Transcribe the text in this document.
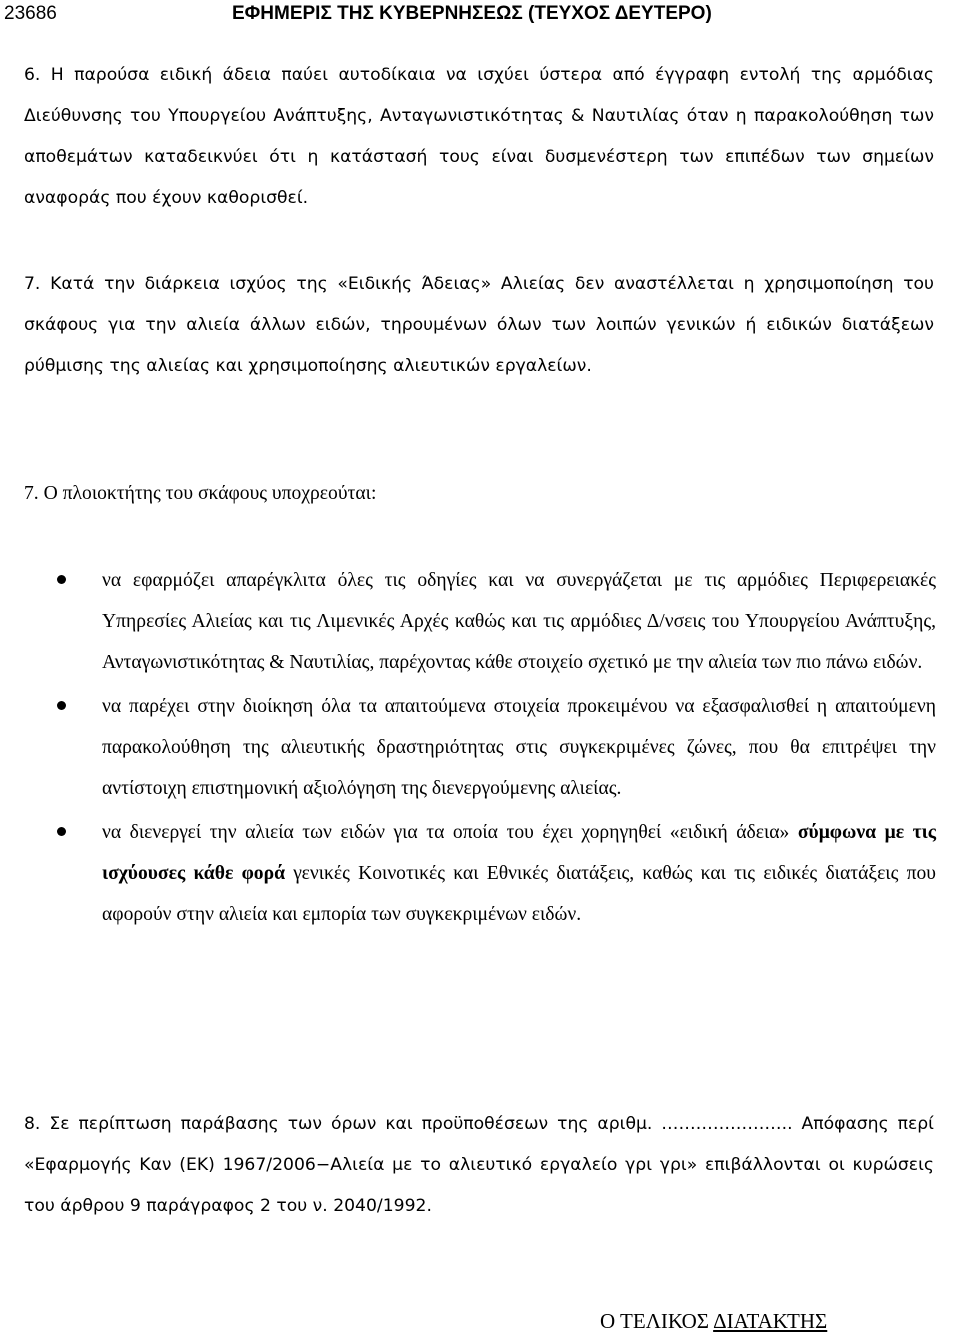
23686	ΕΦΗΜΕΡΙΣ ΤΗΣ ΚΥΒΕΡΝΗΣΕΩΣ (ΤΕΥΧΟΣ ΔΕΥΤΕΡΟ)

6. Η παρούσα ειδική άδεια παύει αυτοδίκαια να ισχύει ύστερα από έγγραφη εντολή της αρμόδιας Διεύθυνσης του Υπουργείου Ανάπτυξης, Ανταγωνιστικότητας & Ναυτιλίας όταν η παρακολούθηση των αποθεμάτων καταδεικνύει ότι η κατάστασή τους είναι δυσμενέστερη των επιπέδων των σημείων αναφοράς που έχουν καθορισθεί.

7. Κατά την διάρκεια ισχύος της «Ειδικής Άδειας» Αλιείας δεν αναστέλλεται η χρησιμοποίηση του σκάφους για την αλιεία άλλων ειδών, τηρουμένων όλων των λοιπών γενικών ή ειδικών διατάξεων ρύθμισης της αλιείας και χρησιμοποίησης αλιευτικών εργαλείων.

7. Ο πλοιοκτήτης του σκάφους υποχρεούται:

να εφαρμόζει απαρέγκλιτα όλες τις οδηγίες και να συνεργάζεται με τις αρμόδιες Περιφερειακές Υπηρεσίες Αλιείας και τις Λιμενικές Αρχές καθώς και τις αρμόδιες Δ/νσεις του Υπουργείου Ανάπτυξης, Ανταγωνιστικότητας & Ναυτιλίας, παρέχοντας κάθε στοιχείο σχετικό με την αλιεία των πιο πάνω ειδών.
να παρέχει στην διοίκηση όλα τα απαιτούμενα στοιχεία προκειμένου να εξασφαλισθεί η απαιτούμενη παρακολούθηση της αλιευτικής δραστηριότητας στις συγκεκριμένες ζώνες, που θα επιτρέψει την αντίστοιχη επιστημονική αξιολόγηση της διενεργούμενης αλιείας.
να διενεργεί την αλιεία των ειδών για τα οποία του έχει χορηγηθεί «ειδική άδεια» σύμφωνα με τις ισχύουσες κάθε φορά γενικές Κοινοτικές και Εθνικές διατάξεις, καθώς και τις ειδικές διατάξεις που αφορούν στην αλιεία και εμπορία των συγκεκριμένων ειδών.

8. Σε περίπτωση παράβασης των όρων και προϋποθέσεων της αριθμ. ………………….. Απόφασης περί «Εφαρμογής Καν (ΕΚ) 1967/2006−Αλιεία με το αλιευτικό εργαλείο γρι γρι» επιβάλλονται οι κυρώσεις του άρθρου 9 παράγραφος 2 του ν. 2040/1992.

Ο ΤΕΛΙΚΟΣ ΔΙΑΤΑΚΤΗΣ
